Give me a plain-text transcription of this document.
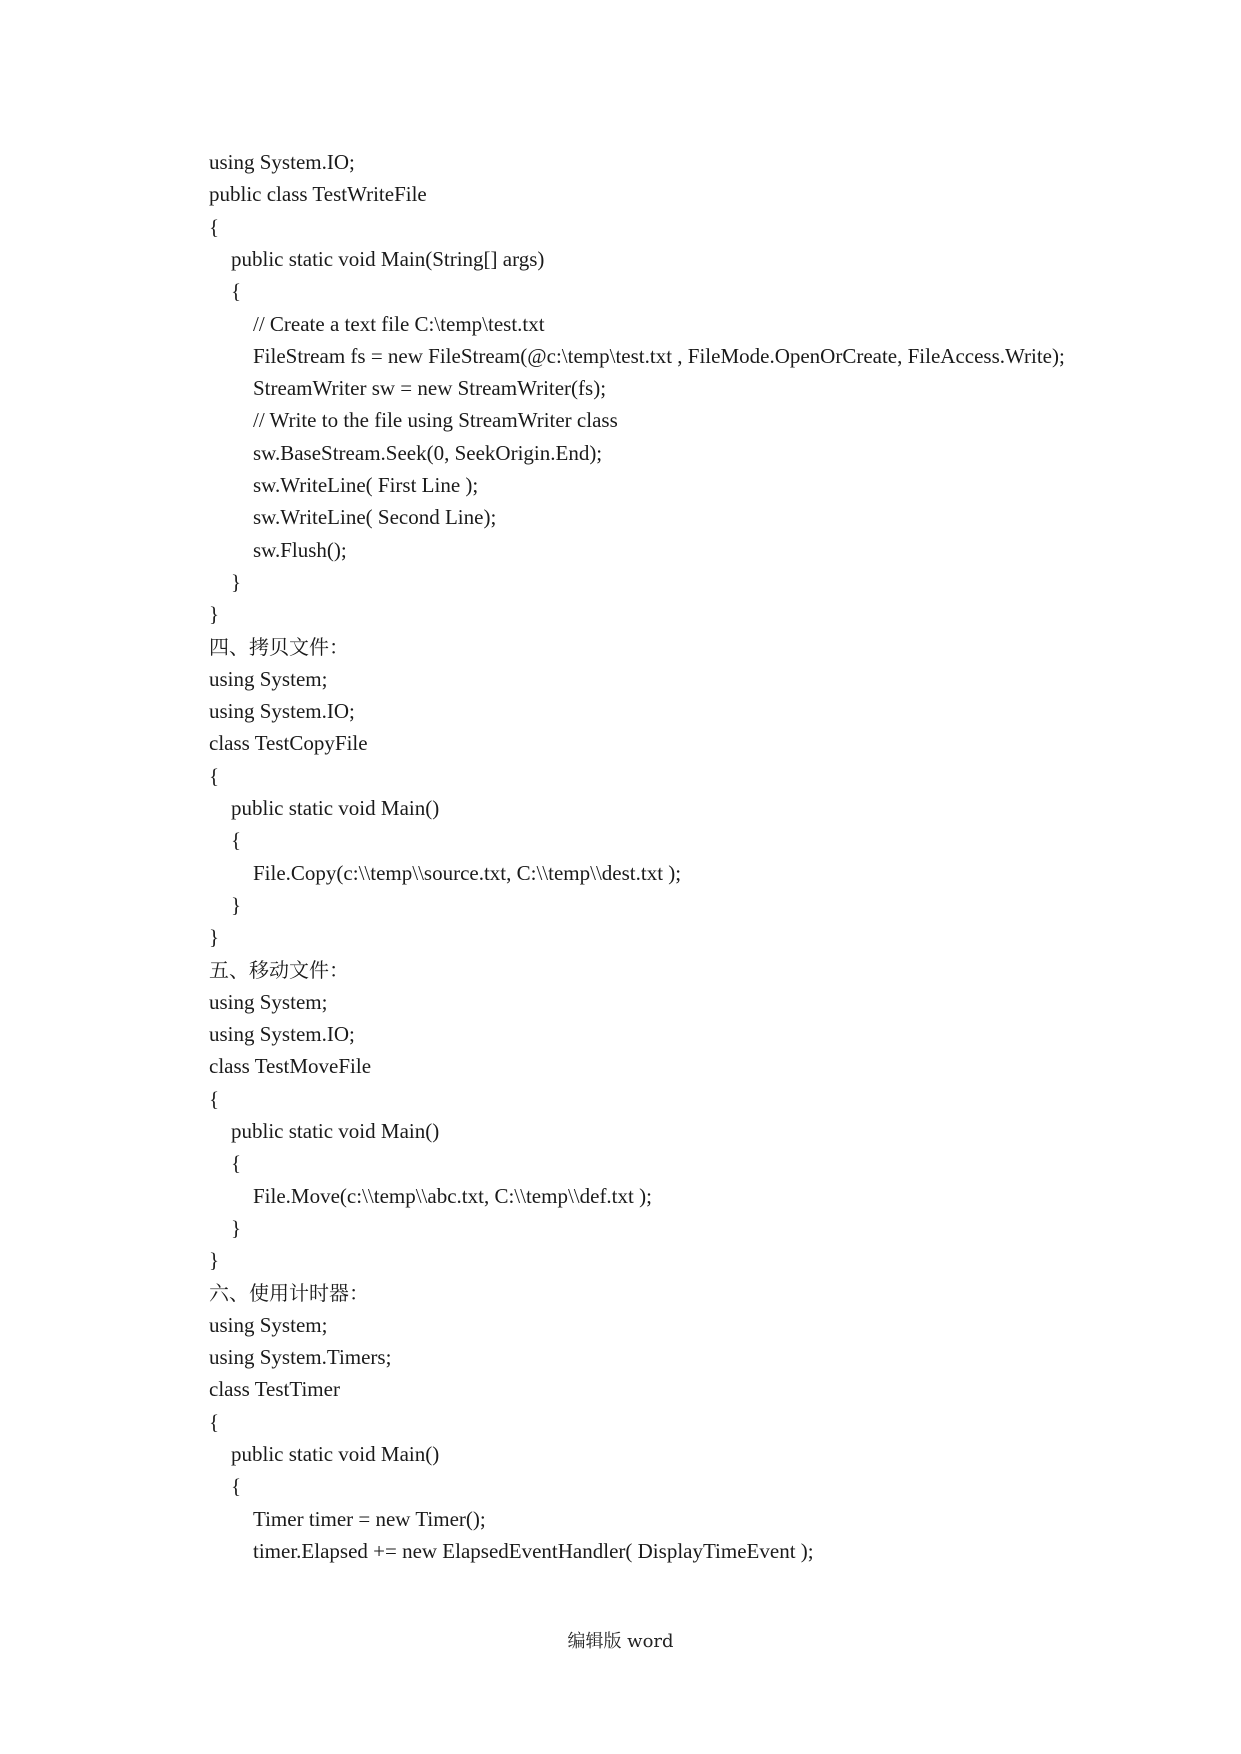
using System.IO;
public class TestWriteFile
{
public static void Main(String[] args)
{
// Create a text file C:\temp\test.txt
FileStream fs = new FileStream(@c:\temp\test.txt , FileMode.OpenOrCreate, FileAccess.Write);
StreamWriter sw = new StreamWriter(fs);
// Write to the file using StreamWriter class
sw.BaseStream.Seek(0, SeekOrigin.End);
sw.WriteLine( First Line );
sw.WriteLine( Second Line);
sw.Flush();
}
}
四、拷贝文件：
using System;
using System.IO;
class TestCopyFile
{
public static void Main()
{
File.Copy(c:\\temp\\source.txt, C:\\temp\\dest.txt );
}
}
五、移动文件：
using System;
using System.IO;
class TestMoveFile
{
public static void Main()
{
File.Move(c:\\temp\\abc.txt, C:\\temp\\def.txt );
}
}
六、使用计时器：
using System;
using System.Timers;
class TestTimer
{
public static void Main()
{
Timer timer = new Timer();
timer.Elapsed += new ElapsedEventHandler( DisplayTimeEvent );
编辑版 word
